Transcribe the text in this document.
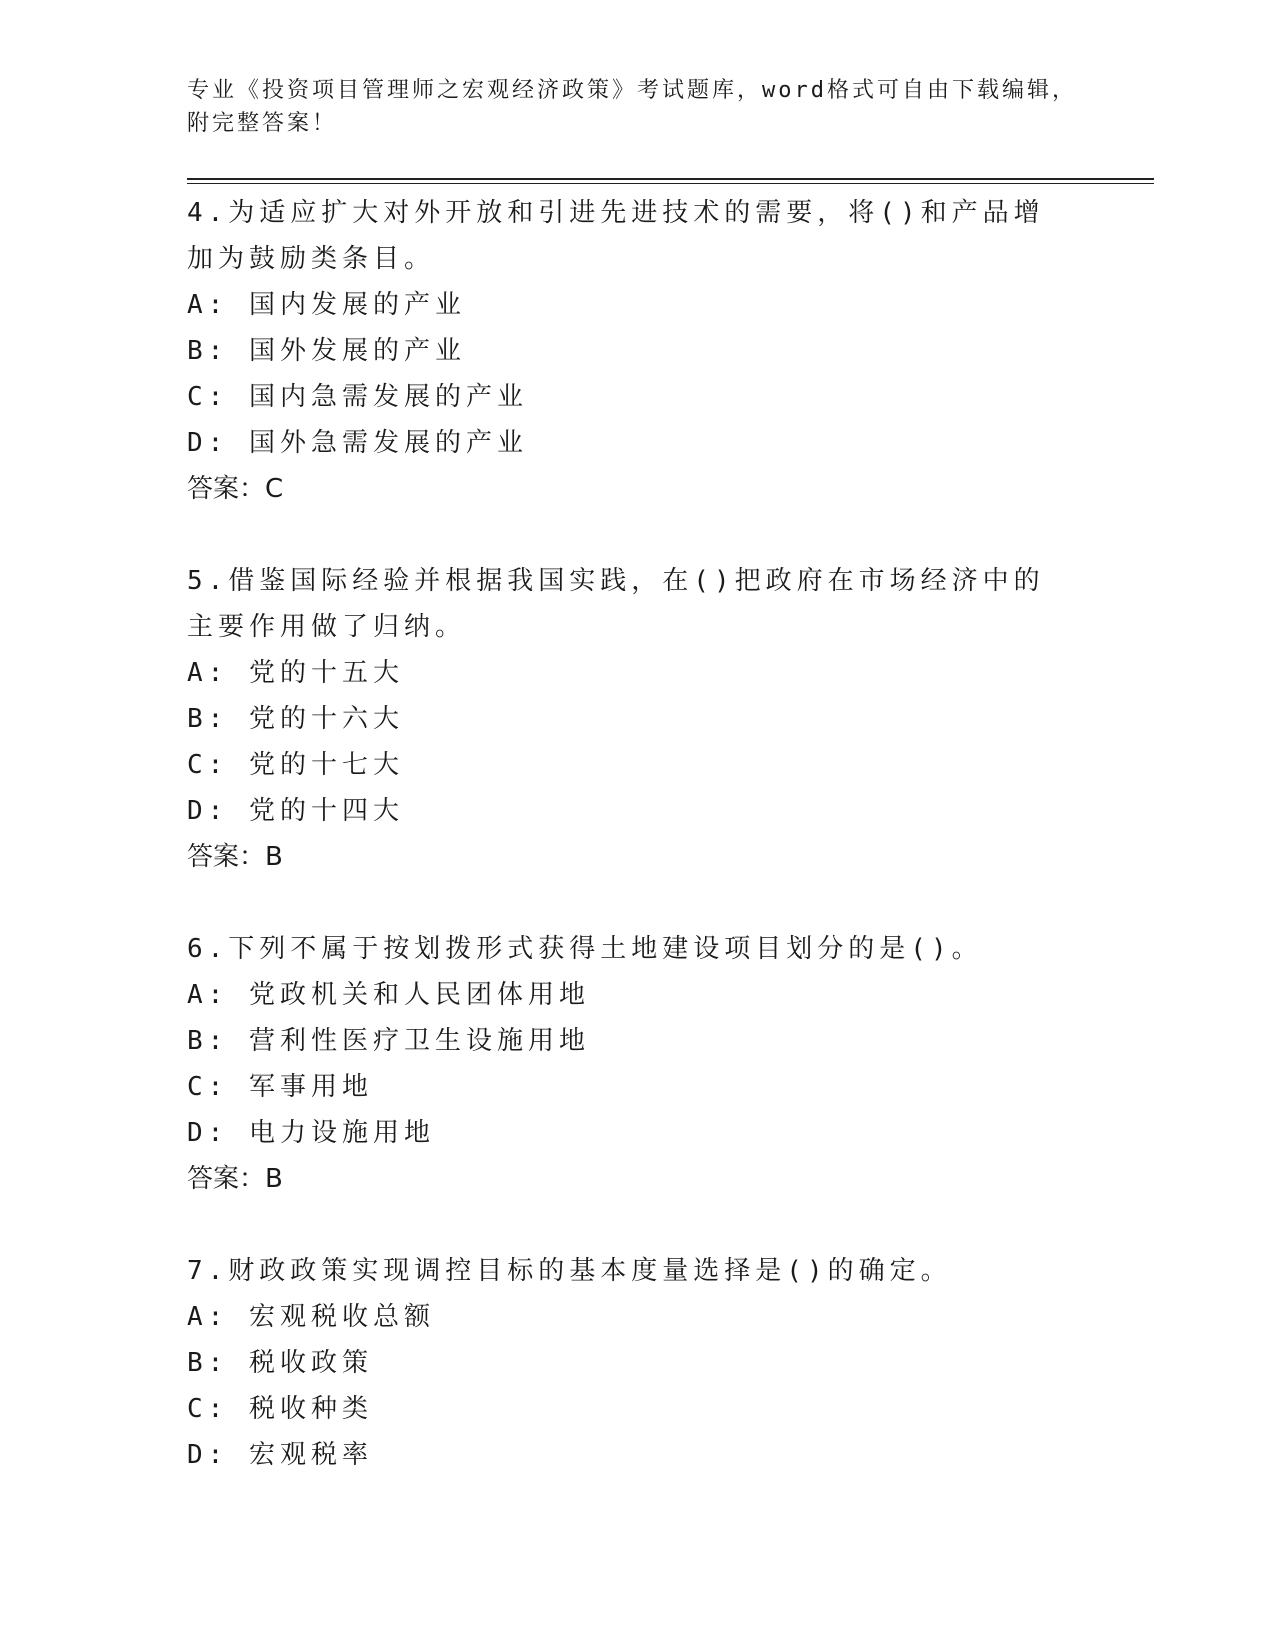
专业《投资项目管理师之宏观经济政策》考试题库，word格式可自由下载编辑，
附完整答案！
4.为适应扩大对外开放和引进先进技术的需要，将()和产品增加为鼓励类条目。
A: 国内发展的产业
B: 国外发展的产业
C: 国内急需发展的产业
D: 国外急需发展的产业
答案：C
5.借鉴国际经验并根据我国实践，在()把政府在市场经济中的主要作用做了归纳。
A: 党的十五大
B: 党的十六大
C: 党的十七大
D: 党的十四大
答案：B
6.下列不属于按划拨形式获得土地建设项目划分的是()。
A: 党政机关和人民团体用地
B: 营利性医疗卫生设施用地
C: 军事用地
D: 电力设施用地
答案：B
7.财政政策实现调控目标的基本度量选择是()的确定。
A: 宏观税收总额
B: 税收政策
C: 税收种类
D: 宏观税率
